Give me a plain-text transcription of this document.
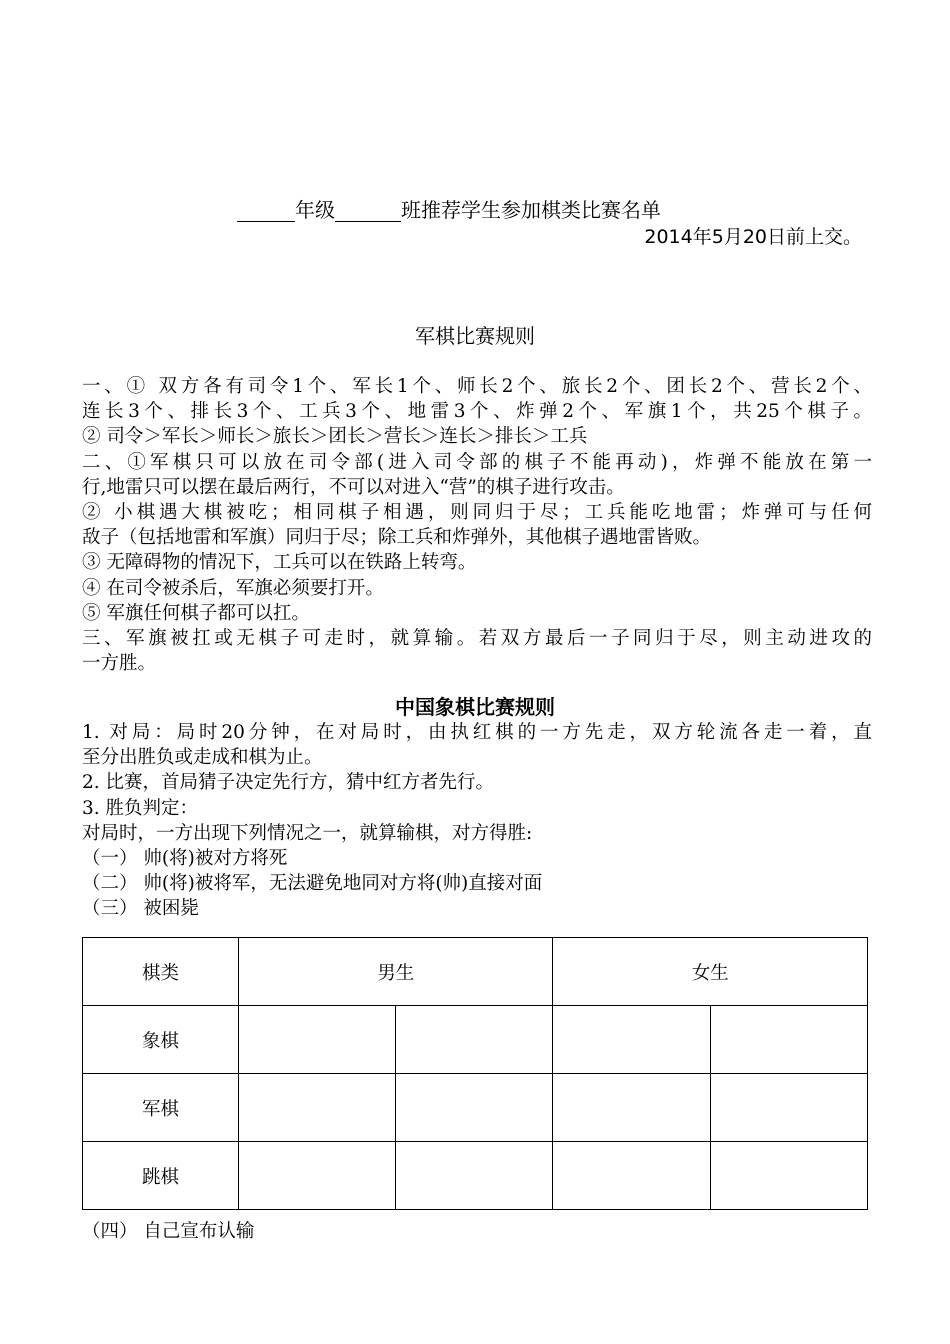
年级	班推荐学生参加棋类比赛名单
2014年5月20日前上交。
军棋比赛规则
一、① 双方各有司令1个、军长1个、师长2个、旅长2个、团长2个、营长2个、
连长3个、排长3个、工兵3个、地雷3个、炸弹2个、军旗1个，共25个棋子。
② 司令＞军长＞师长＞旅长＞团长＞营长＞连长＞排长＞工兵
二、①军棋只可以放在司令部(进入司令部的棋子不能再动)，炸弹不能放在第一
行,地雷只可以摆在最后两行，不可以对进入“营”的棋子进行攻击。
② 小棋遇大棋被吃；相同棋子相遇，则同归于尽；工兵能吃地雷；炸弹可与任何
敌子（包括地雷和军旗）同归于尽；除工兵和炸弹外，其他棋子遇地雷皆败。
③ 无障碍物的情况下，工兵可以在铁路上转弯。
④ 在司令被杀后，军旗必须要打开。
⑤ 军旗任何棋子都可以扛。
三、军旗被扛或无棋子可走时，就算输。若双方最后一子同归于尽，则主动进攻的
一方胜。
中国象棋比赛规则
1. 对局：局时20分钟，在对局时，由执红棋的一方先走，双方轮流各走一着，直
至分出胜负或走成和棋为止。
2. 比赛，首局猜子决定先行方，猜中红方者先行。
3. 胜负判定：
对局时，一方出现下列情况之一，就算输棋，对方得胜:
（一） 帅(将)被对方将死
（二） 帅(将)被将军，无法避免地同对方将(帅)直接对面
（三） 被困毙
棋类	男生		女生	
象棋				
军棋				
跳棋				
（四） 自己宣布认输
